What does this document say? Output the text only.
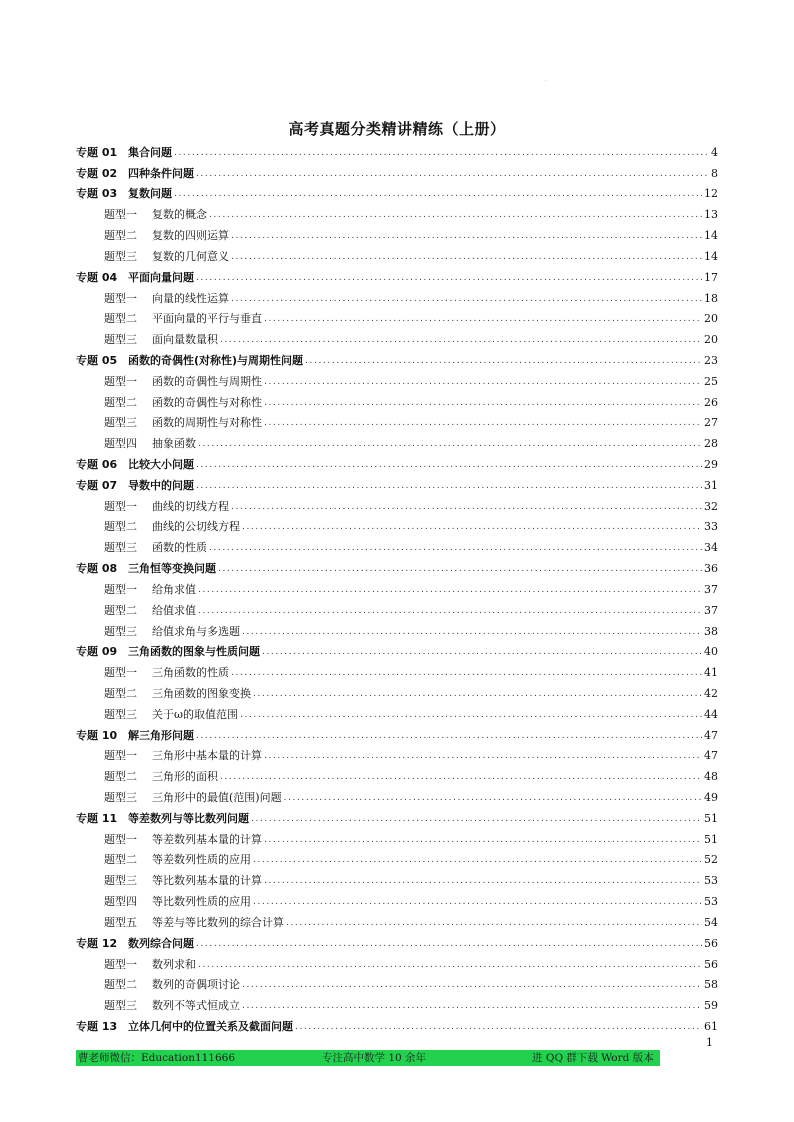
·
高考真题分类精讲精练（上册）
专题 01 集合问题 .....	4
专题 02 四种条件问题 .....	8
专题 03 复数问题 .....	12
题型一	复数的概念 .....	13
题型二	复数的四则运算 .....	14
题型三	复数的几何意义 .....	14
专题 04 平面向量问题 .....	17
题型一	向量的线性运算 .....	18
题型二	平面向量的平行与垂直 .....	20
题型三	面向量数量积 .....	20
专题 05 函数的奇偶性(对称性)与周期性问题 .....	23
题型一	函数的奇偶性与周期性 .....	25
题型二	函数的奇偶性与对称性 .....	26
题型三	函数的周期性与对称性 .....	27
题型四	抽象函数 .....	28
专题 06 比较大小问题 .....	29
专题 07 导数中的问题 .....	31
题型一	曲线的切线方程 .....	32
题型二	曲线的公切线方程 .....	33
题型三	函数的性质 .....	34
专题 08 三角恒等变换问题 .....	36
题型一	给角求值 .....	37
题型二	给值求值 .....	37
题型三	给值求角与多选题 .....	38
专题 09 三角函数的图象与性质问题 .....	40
题型一	三角函数的性质 .....	41
题型二	三角函数的图象变换 .....	42
题型三	关于ω的取值范围 .....	44
专题 10 解三角形问题 .....	47
题型一	三角形中基本量的计算 .....	47
题型二	三角形的面积 .....	48
题型三	三角形中的最值(范围)问题 .....	49
专题 11 等差数列与等比数列问题 .....	51
题型一	等差数列基本量的计算 .....	51
题型二	等差数列性质的应用 .....	52
题型三	等比数列基本量的计算 .....	53
题型四	等比数列性质的应用 .....	53
题型五	等差与等比数列的综合计算 .....	54
专题 12 数列综合问题 .....	56
题型一	数列求和 .....	56
题型二	数列的奇偶项讨论 .....	58
题型三	数列不等式恒成立 .....	59
专题 13 立体几何中的位置关系及截面问题 .....	61
1
曹老师微信：Education111666	专注高中数学 10 余年	进 QQ 群下载 Word 版本
